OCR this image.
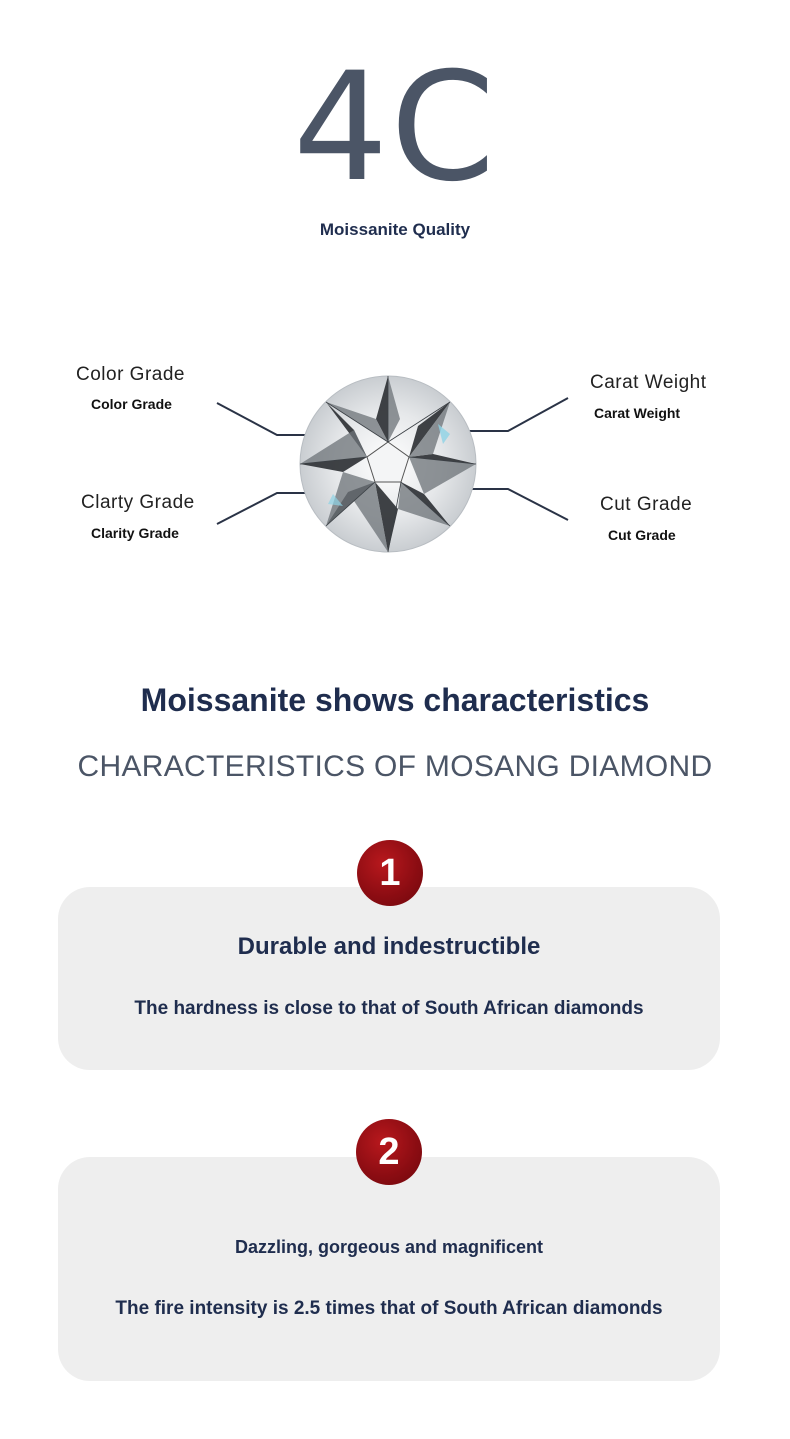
4C
Moissanite Quality
Color Grade
Color Grade
Clarty Grade
Clarity Grade
Carat Weight
Carat Weight
Cut Grade
Cut Grade
Moissanite shows characteristics
CHARACTERISTICS OF MOSANG DIAMOND
1
Durable and indestructible
The hardness is close to that of South African diamonds
2
Dazzling, gorgeous and magnificent
The fire intensity is 2.5 times that of South African diamonds
